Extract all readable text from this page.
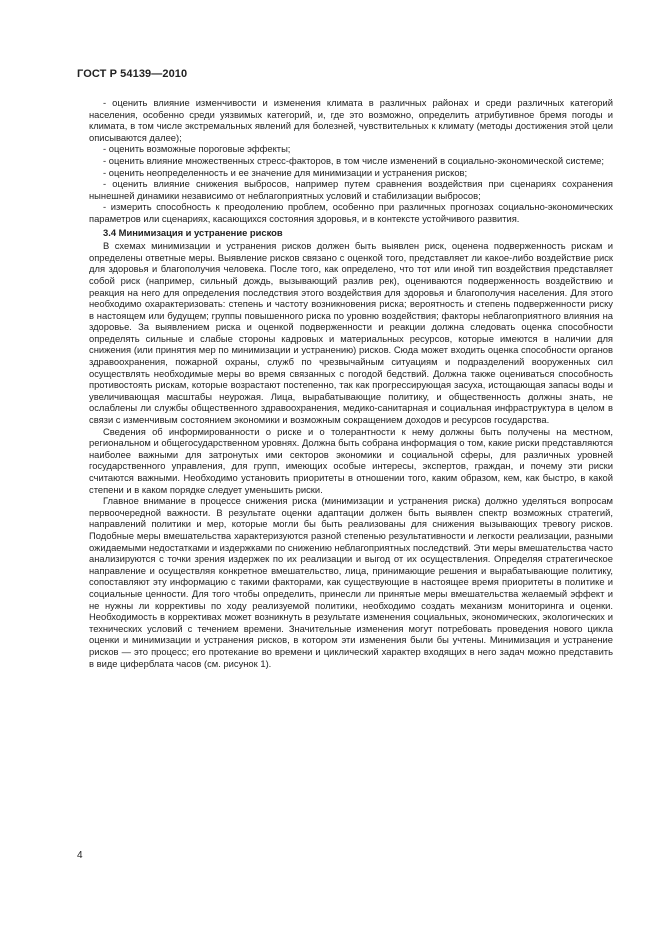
ГОСТ Р 54139—2010

- оценить влияние изменчивости и изменения климата в различных районах и среди различных категорий населения, особенно среди уязвимых категорий, и, где это возможно, определить атрибутивное бремя погоды и климата, в том числе экстремальных явлений для болезней, чувствительных к климату (методы достижения этой цели описываются далее);

- оценить возможные пороговые эффекты;

- оценить влияние множественных стресс-факторов, в том числе изменений в социально-экономической системе;

- оценить неопределенность и ее значение для минимизации и устранения рисков;

- оценить влияние снижения выбросов, например путем сравнения воздействия при сценариях сохранения нынешней динамики независимо от неблагоприятных условий и стабилизации выбросов;

- измерить способность к преодолению проблем, особенно при различных прогнозах социально-экономических параметров или сценариях, касающихся состояния здоровья, и в контексте устойчивого развития.

3.4 Минимизация и устранение рисков

В схемах минимизации и устранения рисков должен быть выявлен риск, оценена подверженность рискам и определены ответные меры. Выявление рисков связано с оценкой того, представляет ли какое-либо воздействие риск для здоровья и благополучия человека. После того, как определено, что тот или иной тип воздействия представляет собой риск (например, сильный дождь, вызывающий разлив рек), оцениваются подверженность воздействию и реакция на него для определения последствия этого воздействия для здоровья и благополучия населения. Для этого необходимо охарактеризовать: степень и частоту возникновения риска; вероятность и степень подверженности риску в настоящем или будущем; группы повышенного риска по уровню воздействия; факторы неблагоприятного влияния на здоровье. За выявлением риска и оценкой подверженности и реакции должна следовать оценка способности определять сильные и слабые стороны кадровых и материальных ресурсов, которые имеются в наличии для снижения (или принятия мер по минимизации и устранению) рисков. Сюда может входить оценка способности органов здравоохранения, пожарной охраны, служб по чрезвычайным ситуациям и подразделений вооруженных сил осуществлять необходимые меры во время связанных с погодой бедствий. Должна также оцениваться способность противостоять рискам, которые возрастают постепенно, так как прогрессирующая засуха, истощающая запасы воды и увеличивающая масштабы неурожая. Лица, вырабатывающие политику, и общественность должны знать, не ослаблены ли службы общественного здравоохранения, медико-санитарная и социальная инфраструктура в целом в связи с изменчивым состоянием экономики и возможным сокращением доходов и ресурсов государства.

Сведения об информированности о риске и о толерантности к нему должны быть получены на местном, региональном и общегосударственном уровнях. Должна быть собрана информация о том, какие риски представляются наиболее важными для затронутых ими секторов экономики и социальной сферы, для различных уровней государственного управления, для групп, имеющих особые интересы, экспертов, граждан, и почему эти риски считаются важными. Необходимо установить приоритеты в отношении того, каким образом, кем, как быстро, в какой степени и в каком порядке следует уменьшить риски.

Главное внимание в процессе снижения риска (минимизации и устранения риска) должно уделяться вопросам первоочередной важности. В результате оценки адаптации должен быть выявлен спектр возможных стратегий, направлений политики и мер, которые могли бы быть реализованы для снижения вызывающих тревогу рисков. Подобные меры вмешательства характеризуются разной степенью результативности и легкости реализации, разными ожидаемыми недостатками и издержками по снижению неблагоприятных последствий. Эти меры вмешательства часто анализируются с точки зрения издержек по их реализации и выгод от их осуществления. Определяя стратегическое направление и осуществляя конкретное вмешательство, лица, принимающие решения и вырабатывающие политику, сопоставляют эту информацию с такими факторами, как существующие в настоящее время приоритеты в политике и социальные ценности. Для того чтобы определить, принесли ли принятые меры вмешательства желаемый эффект и не нужны ли коррективы по ходу реализуемой политики, необходимо создать механизм мониторинга и оценки. Необходимость в коррективах может возникнуть в результате изменения социальных, экономических, экологических и технических условий с течением времени. Значительные изменения могут потребовать проведения нового цикла оценки и минимизации и устранения рисков, в котором эти изменения были бы учтены. Минимизация и устранение рисков — это процесс; его протекание во времени и циклический характер входящих в него задач можно представить в виде циферблата часов (см. рисунок 1).

4
